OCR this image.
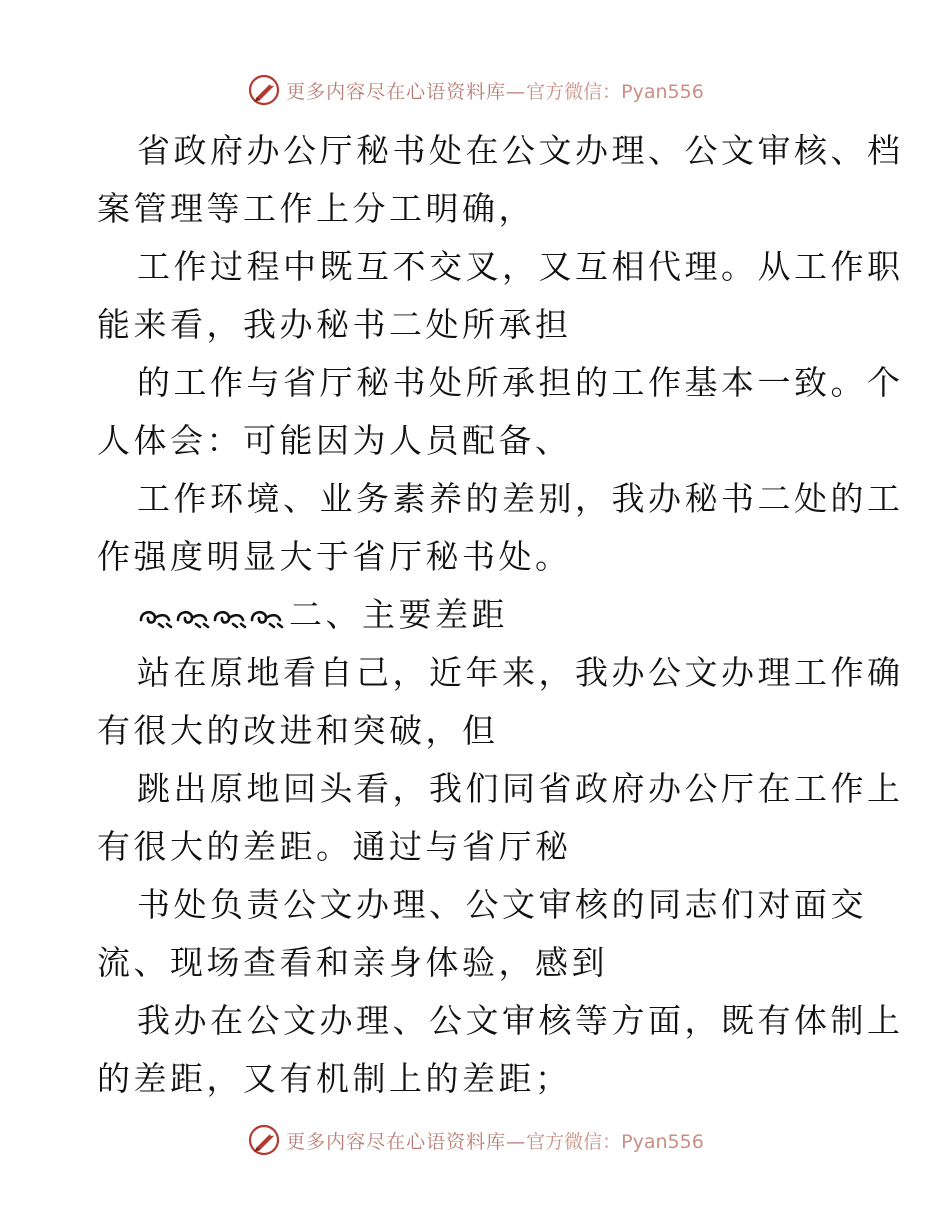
更多内容尽在心语资料库— 官方微信：Pyan556
省政府办公厅秘书处在公文办理、公文审核、档
案管理等工作上分工明确，
工作过程中既互不交叉，又互相代理。从工作职
能来看，我办秘书二处所承担
的工作与省厅秘书处所承担的工作基本一致。个
人体会：可能因为人员配备、
工作环境、业务素养的差别，我办秘书二处的工
作强度明显大于省厅秘书处。
二、主要差距
站在原地看自己，近年来，我办公文办理工作确
有很大的改进和突破，但
跳出原地回头看，我们同省政府办公厅在工作上
有很大的差距。通过与省厅秘
书处负责公文办理、公文审核的同志们对面交
流、现场查看和亲身体验，感到
我办在公文办理、公文审核等方面，既有体制上
的差距，又有机制上的差距；
更多内容尽在心语资料库— 官方微信：Pyan556
